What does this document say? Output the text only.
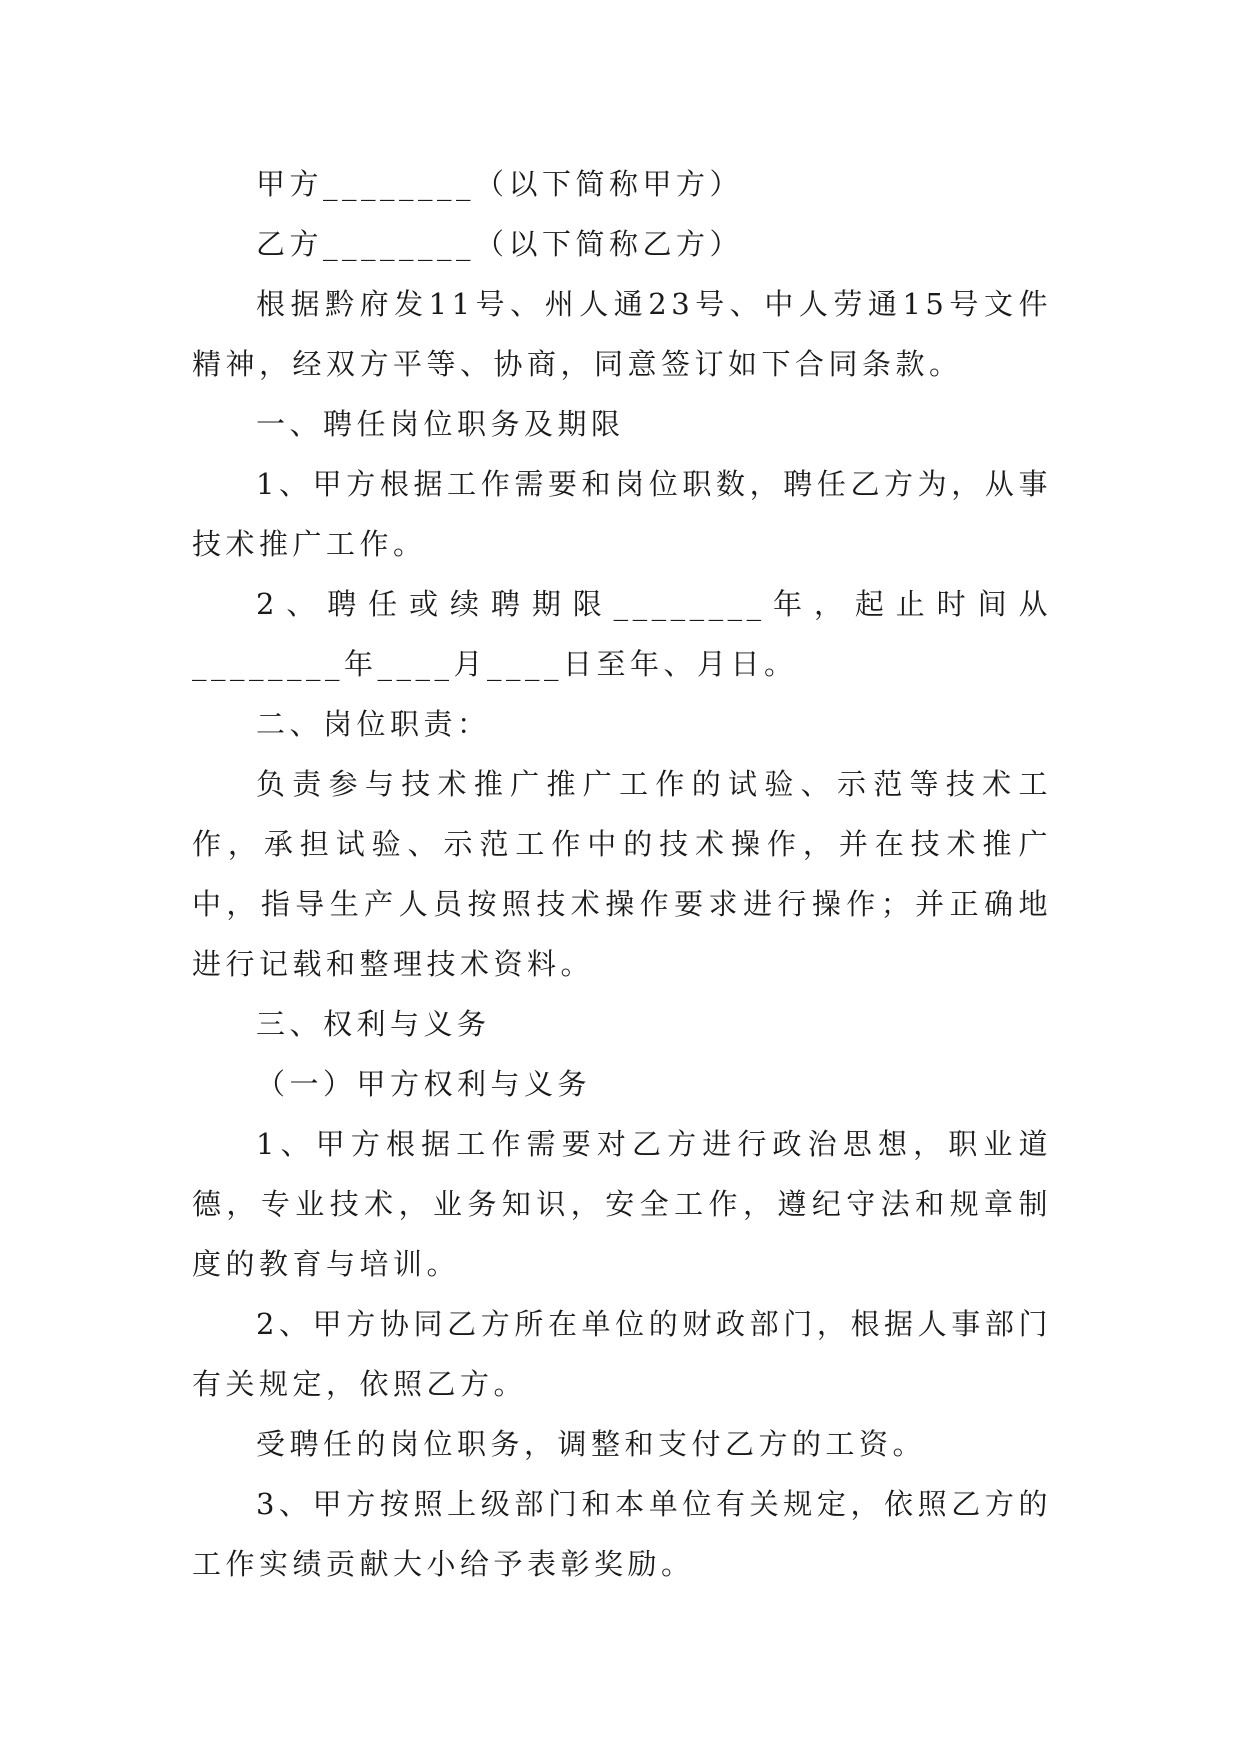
甲方________（以下简称甲方）

乙方________（以下简称乙方）

根据黔府发11号、州人通23号、中人劳通15号文件精神，经双方平等、协商，同意签订如下合同条款。

一、聘任岗位职务及期限

1、甲方根据工作需要和岗位职数，聘任乙方为，从事技术推广工作。

2、聘任或续聘期限________年，起止时间从________年____月____日至年、月日。

二、岗位职责：

负责参与技术推广推广工作的试验、示范等技术工作，承担试验、示范工作中的技术操作，并在技术推广中，指导生产人员按照技术操作要求进行操作；并正确地进行记载和整理技术资料。

三、权利与义务

（一）甲方权利与义务

1、甲方根据工作需要对乙方进行政治思想，职业道德，专业技术，业务知识，安全工作，遵纪守法和规章制度的教育与培训。

2、甲方协同乙方所在单位的财政部门，根据人事部门有关规定，依照乙方。

受聘任的岗位职务，调整和支付乙方的工资。

3、甲方按照上级部门和本单位有关规定，依照乙方的工作实绩贡献大小给予表彰奖励。
